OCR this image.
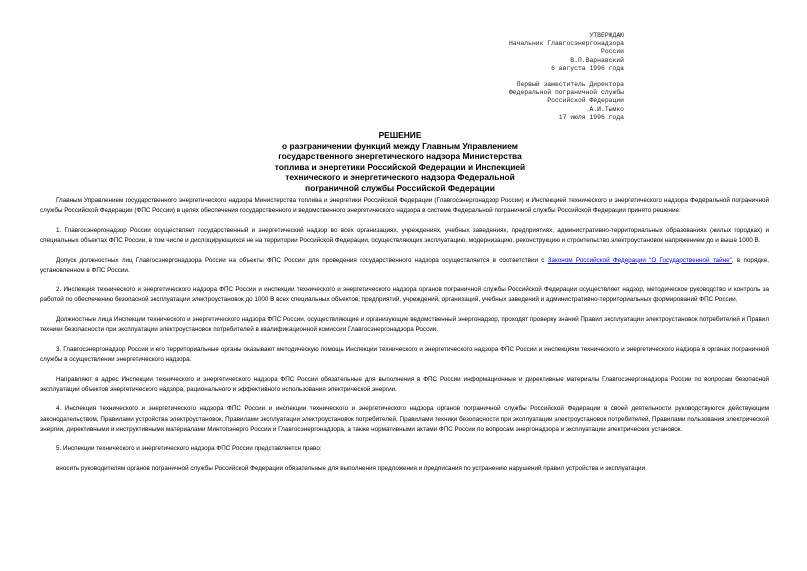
УТВЕРЖДАЮ
Начальник Главгосэнергонадзора
России
В.П.Варнавский
6 августа 1996 года
Первый заместитель Директора
Федеральной пограничной службы
Российской Федерации
А.И.Тымко
17 июля 1996 года
РЕШЕНИЕ
о разграничении функций между Главным Управлением
государственного энергетического надзора Министерства
топлива и энергетики Российской Федерации и Инспекцией
технического и энергетического надзора Федеральной
пограничной службы Российской Федерации

Главным Управлением государственного энергетического надзора Министерства топлива и энергетики Российской Федерации (Главгосэнергонадзор России) и Инспекцией технического и энергетического надзора Федеральной пограничной службы Российской Федерации (ФПС России) в целях обеспечения государственного и ведомственного энергетического надзора в системе Федеральной пограничной службы Российской Федерации принято решение:

1. Главгосэнергонадзор России осуществляет государственный и энергетический надзор во всех организациях, учреждениях, учебных заведениях, предприятиях, административно-территориальных образованиях (жилых городках) и специальных объектах ФПС России, в том числе и дислоцирующихся не на территории Российской Федерации, осуществляющих эксплуатацию, модернизацию, реконструкцию и строительство электроустановок напряжением до и выше 1000 В.

Допуск должностных лиц Главгосэнергонадзора России на объекты ФПС России для проведения государственного надзора осуществляется в соответствии с Законом Российской Федерации "О Государственной тайне", в порядке, установленном в ФПС России.

2. Инспекция технического и энергетического надзора ФПС России и инспекции технического и энергетического надзора органов пограничной службы Российской Федерации осуществляет надзор, методическое руководство и контроль за работой по обеспечению безопасной эксплуатации электроустановок до 1000 В всех специальных объектов, предприятий, учреждений, организаций, учебных заведений и административно-территориальных формирований ФПС России.

Должностные лица Инспекции технического и энергетического надзора ФПС России, осуществляющие и организующие ведомственный энергонадзор, проходят проверку знаний Правил эксплуатации электроустановок потребителей и Правил техники безопасности при эксплуатации электроустановок потребителей в квалификационной комиссии Главгосэнергонадзора России.

3. Главгосэнергонадзор России и его территориальные органы оказывают методическую помощь Инспекции технического и энергетического надзора ФПС России и инспекциям технического и энергетического надзора в органах пограничной службы в осуществлении энергетического надзора.

Направляют в адрес Инспекции технического и энергетического надзора ФПС России обязательные для выполнения в ФПС России информационные и директивные материалы Главгосэнергонадзора России по вопросам безопасной эксплуатации объектов энергетического надзора, рационального и эффективного использования электрической энергии.

4. Инспекция технического и энергетического надзора ФПС России и инспекции технического и энергетического надзора органов пограничной службы Российской Федерации в своей деятельности руководствуются действующим законодательством, Правилами устройства электроустановок, Правилами эксплуатации электроустановок потребителей, Правилами техники безопасности при эксплуатации электроустановок потребителей, Правилами пользования электрической энергии, директивными и инструктивными материалами Минтопэнерго России и Главгосэнергонадзора, а также нормативными актами ФПС России по вопросам энергонадзора и эксплуатации электрических установок.

5. Инспекции технического и энергетического надзора ФПС России представляется право:

вносить руководителям органов пограничной службы Российской Федерации обязательные для выполнения предложения и предписания по устранению нарушений правил устройства и эксплуатации
